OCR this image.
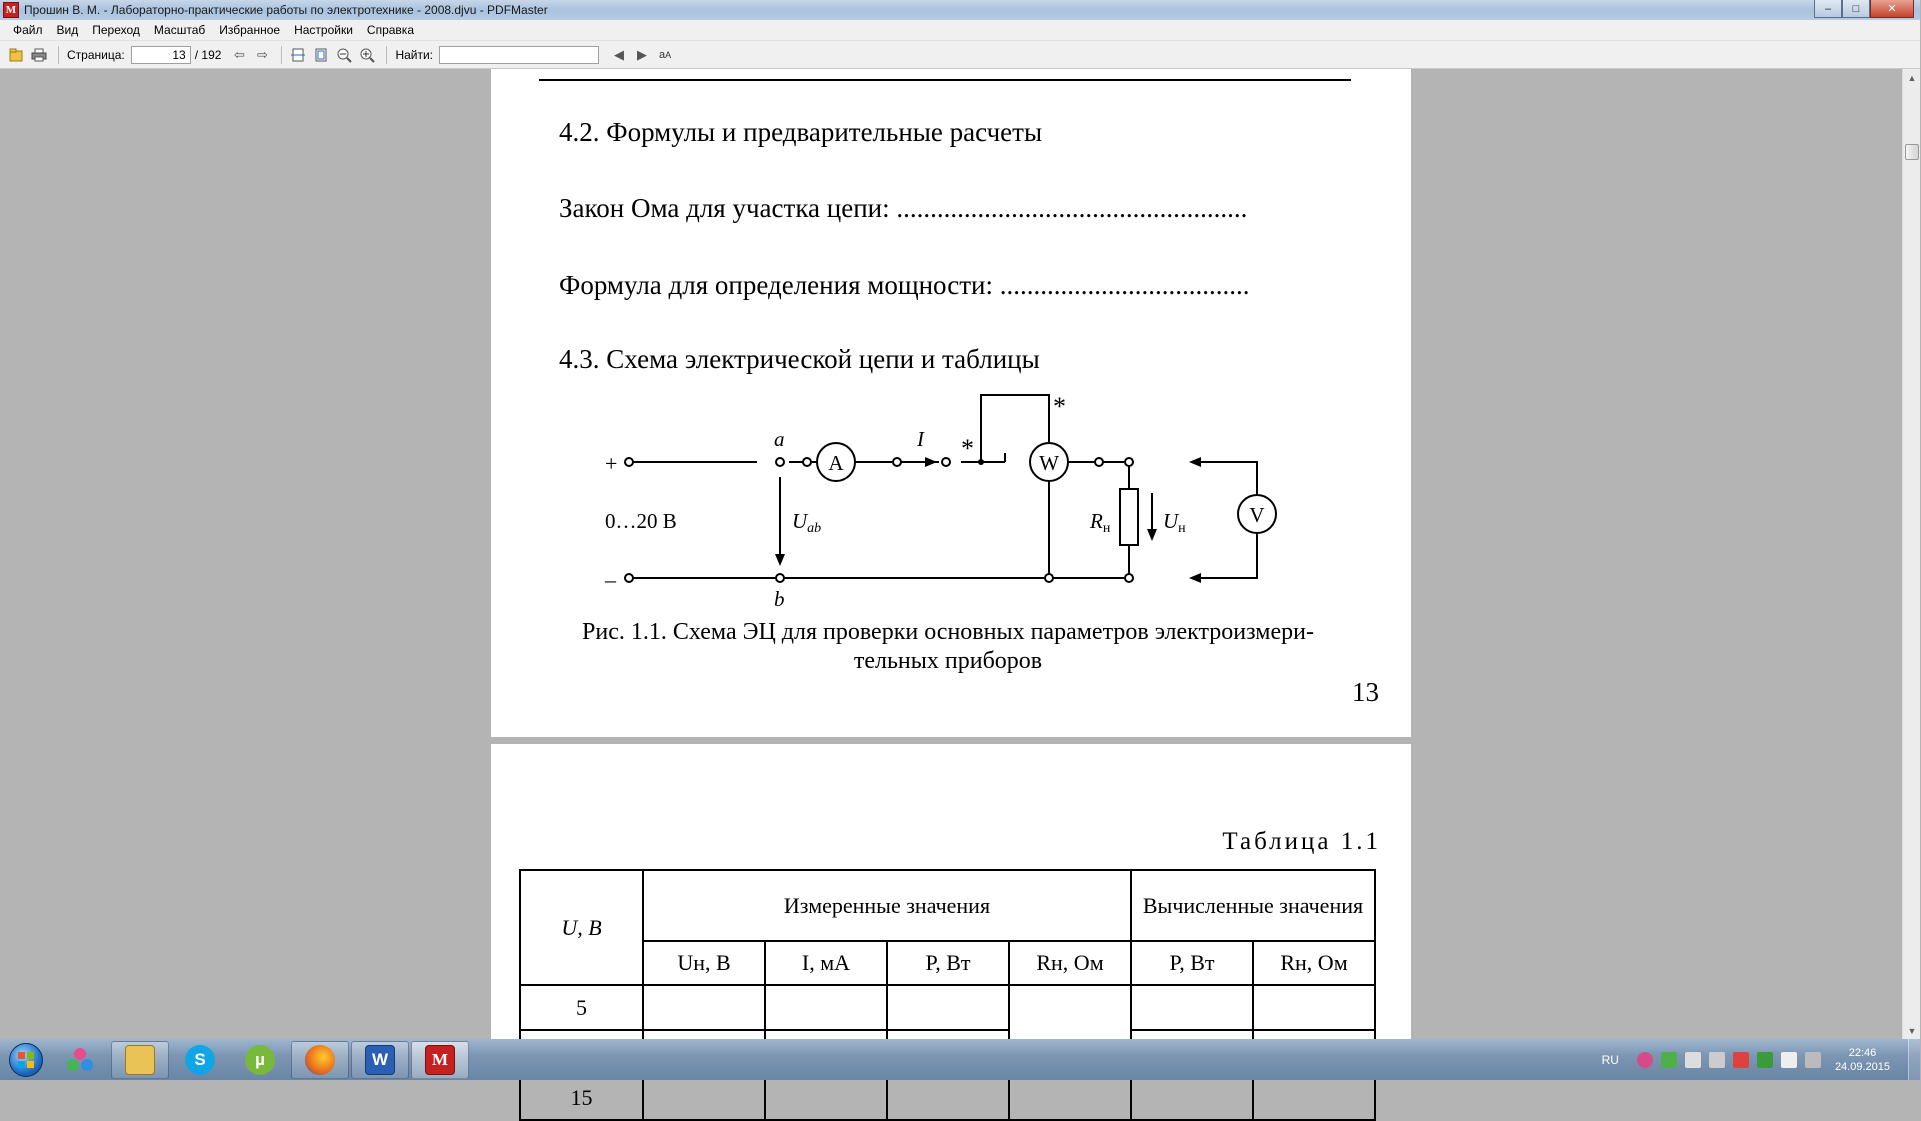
M Прошин В. М. - Лабораторно-практические работы по электротехнике - 2008.djvu - PDFMaster	–	□	✕
Файл	Вид	Переход	Масштаб	Избранное	Настройки	Справка
Страница:
13	/ 192 ⇦ ⇨	Найти:	◀	▶	a A
4.2. Формулы и предварительные расчеты
Закон Ома для участка цепи: ....................................................
Формула для определения мощности: .....................................
4.3. Схема электрической цепи и таблицы
A	W
V
+
–
a
b
0…20 В	Uab
I *
*
Rн	Uн
Рис. 1.1. Схема ЭЦ для проверки основных параметров электроизмери-
тельных приборов
13
Таблица 1.1
U, В	Измеренные значения				Вычисленные значения	
	Uн, В	I, мА	P, Вт	Rн, Ом	P, Вт	Rн, Ом
5						

15						
▲
▼
S	µ	W	M	RU	22:46
24.09.2015
